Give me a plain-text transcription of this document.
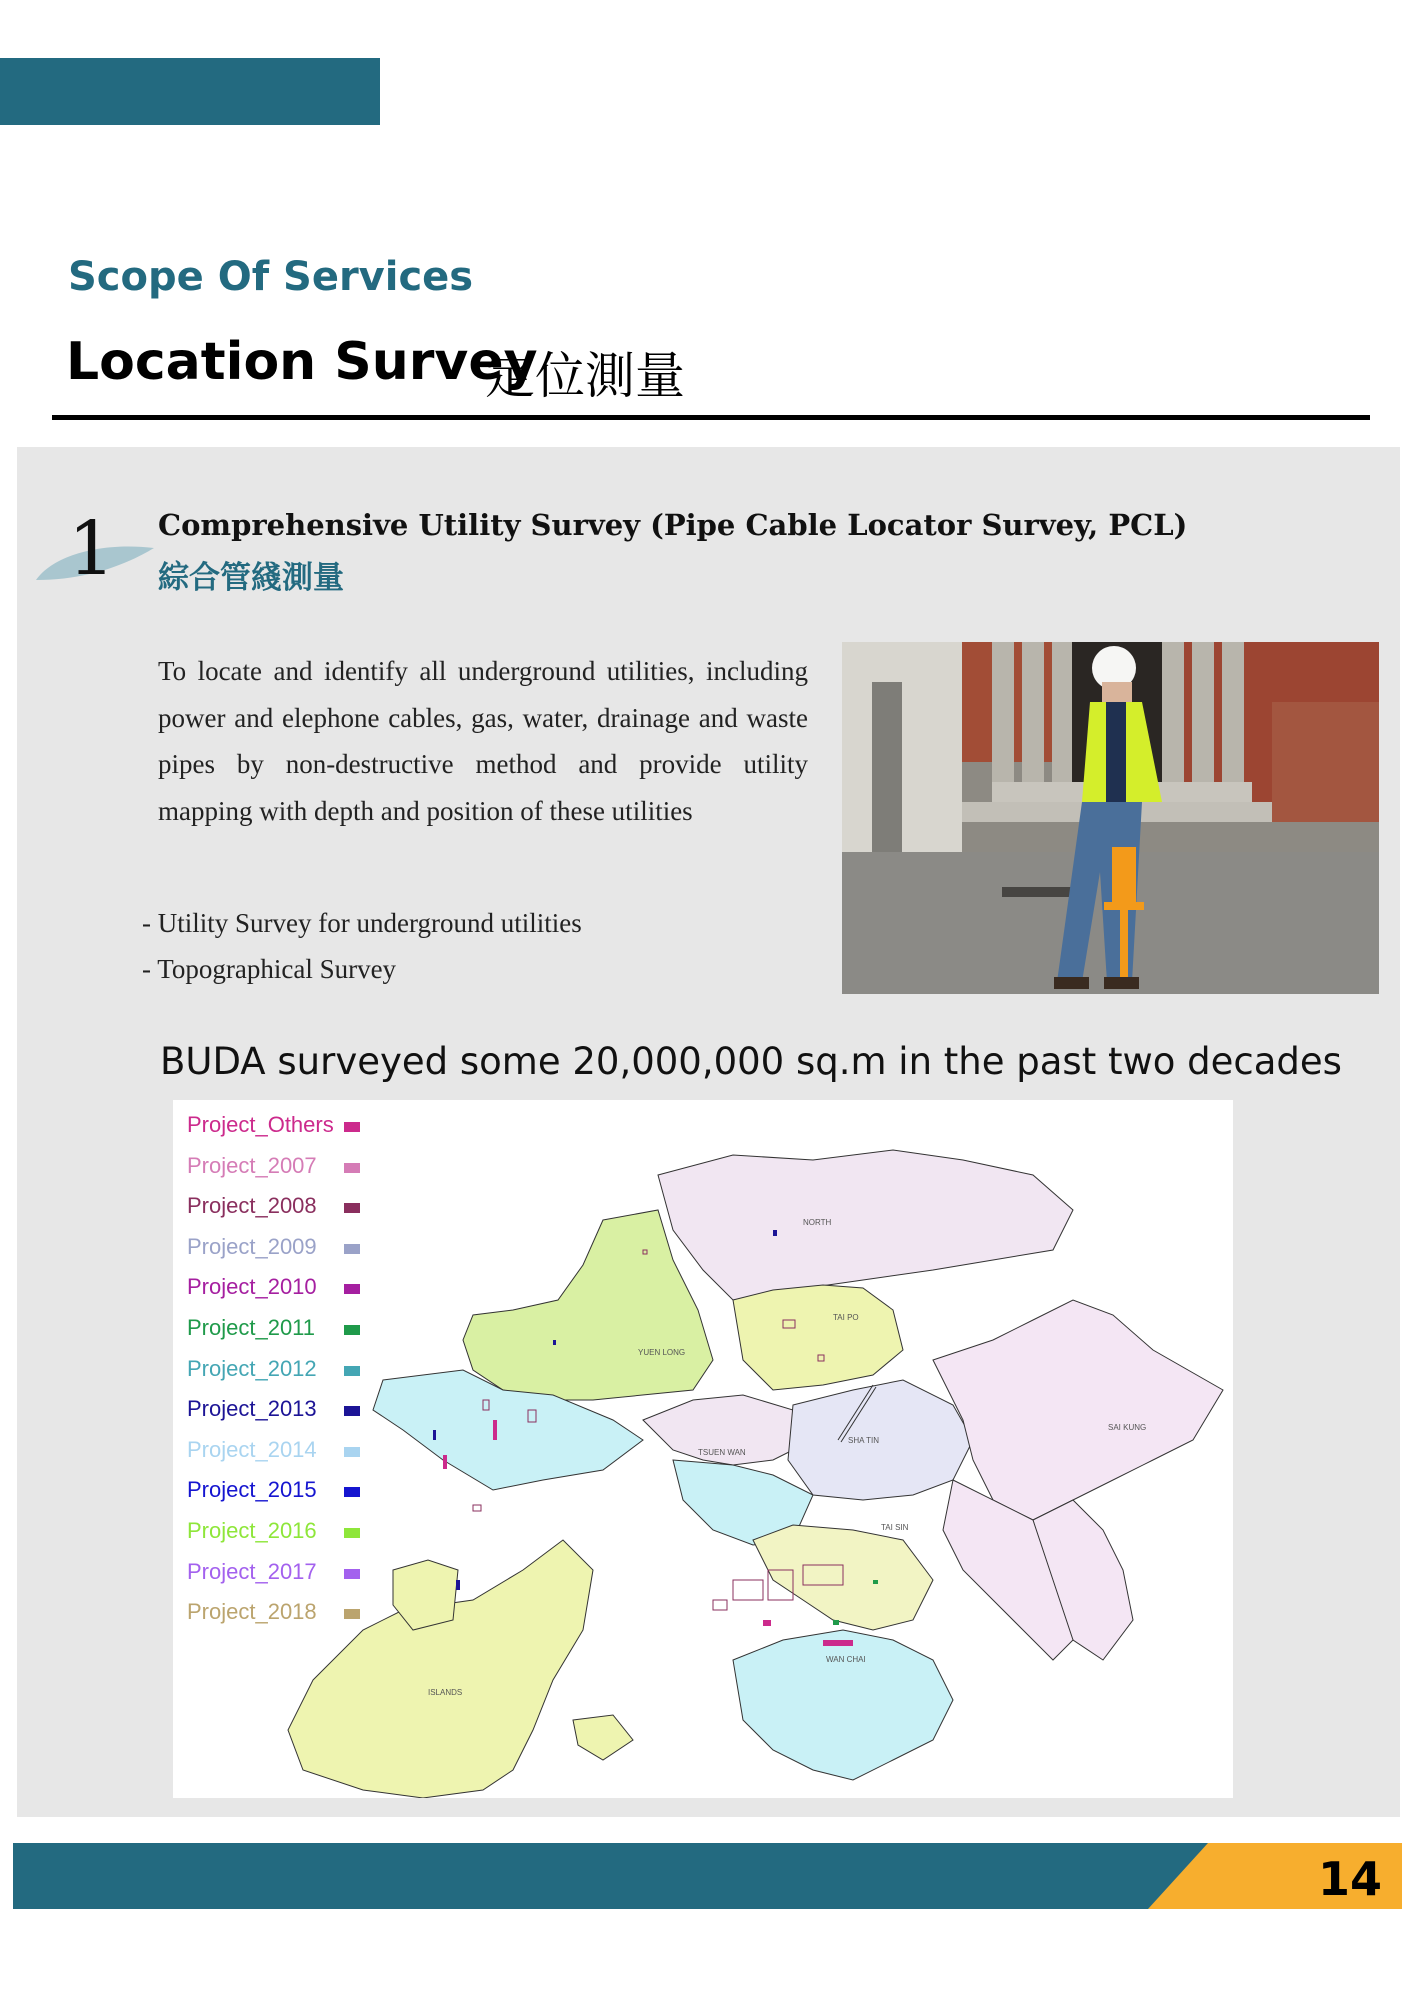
Scope Of Services
Location Survey
定位測量
1 Comprehensive Utility Survey (Pipe Cable Locator Survey, PCL)
綜合管綫測量

To locate and identify all underground utilities, including power and elephone cables, gas, water, drainage and waste pipes by non-destructive method and provide utility mapping with depth and position of these utilities

- Utility Survey for underground utilities
- Topographical Survey

BUDA surveyed some 20,000,000 sq.m in the past two decades

NORTH
TAI PO
YUEN LONG
TSUEN WAN
SHA TIN
SAI KUNG
ISLANDS
WAN CHAI
TAI SIN
Project_Others
Project_2007
Project_2008
Project_2009
Project_2010
Project_2011
Project_2012
Project_2013
Project_2014
Project_2015
Project_2016
Project_2017
Project_2018
14
